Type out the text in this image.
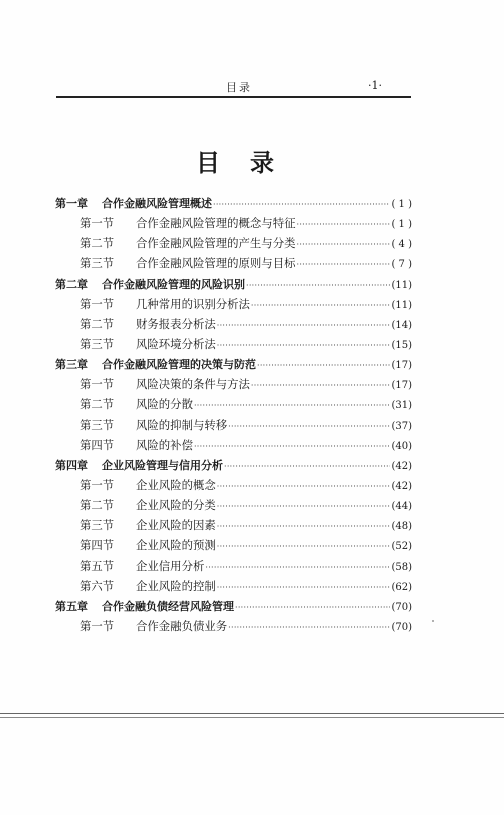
目录	·1·
目录
第一章 合作金融风险管理概述 ·····	( 1 )
第一节 合作金融风险管理的概念与特征 ·····	( 1 )
第二节 合作金融风险管理的产生与分类 ·····	( 4 )
第三节 合作金融风险管理的原则与目标 ·····	( 7 )
第二章 合作金融风险管理的风险识别 ·····	(11)
第一节 几种常用的识别分析法 ·····	(11)
第二节 财务报表分析法 ·····	(14)
第三节 风险环境分析法 ·····	(15)
第三章 合作金融风险管理的决策与防范 ·····	(17)
第一节 风险决策的条件与方法 ·····	(17)
第二节 风险的分散 ·····	(31)
第三节 风险的抑制与转移 ·····	(37)
第四节 风险的补偿 ·····	(40)
第四章 企业风险管理与信用分析 ·····	(42)
第一节 企业风险的概念 ·····	(42)
第二节 企业风险的分类 ·····	(44)
第三节 企业风险的因素 ·····	(48)
第四节 企业风险的预测 ·····	(52)
第五节 企业信用分析 ·····	(58)
第六节 企业风险的控制 ·····	(62)
第五章 合作金融负债经营风险管理 ·····	(70)
第一节 合作金融负债业务 ·····	(70)
